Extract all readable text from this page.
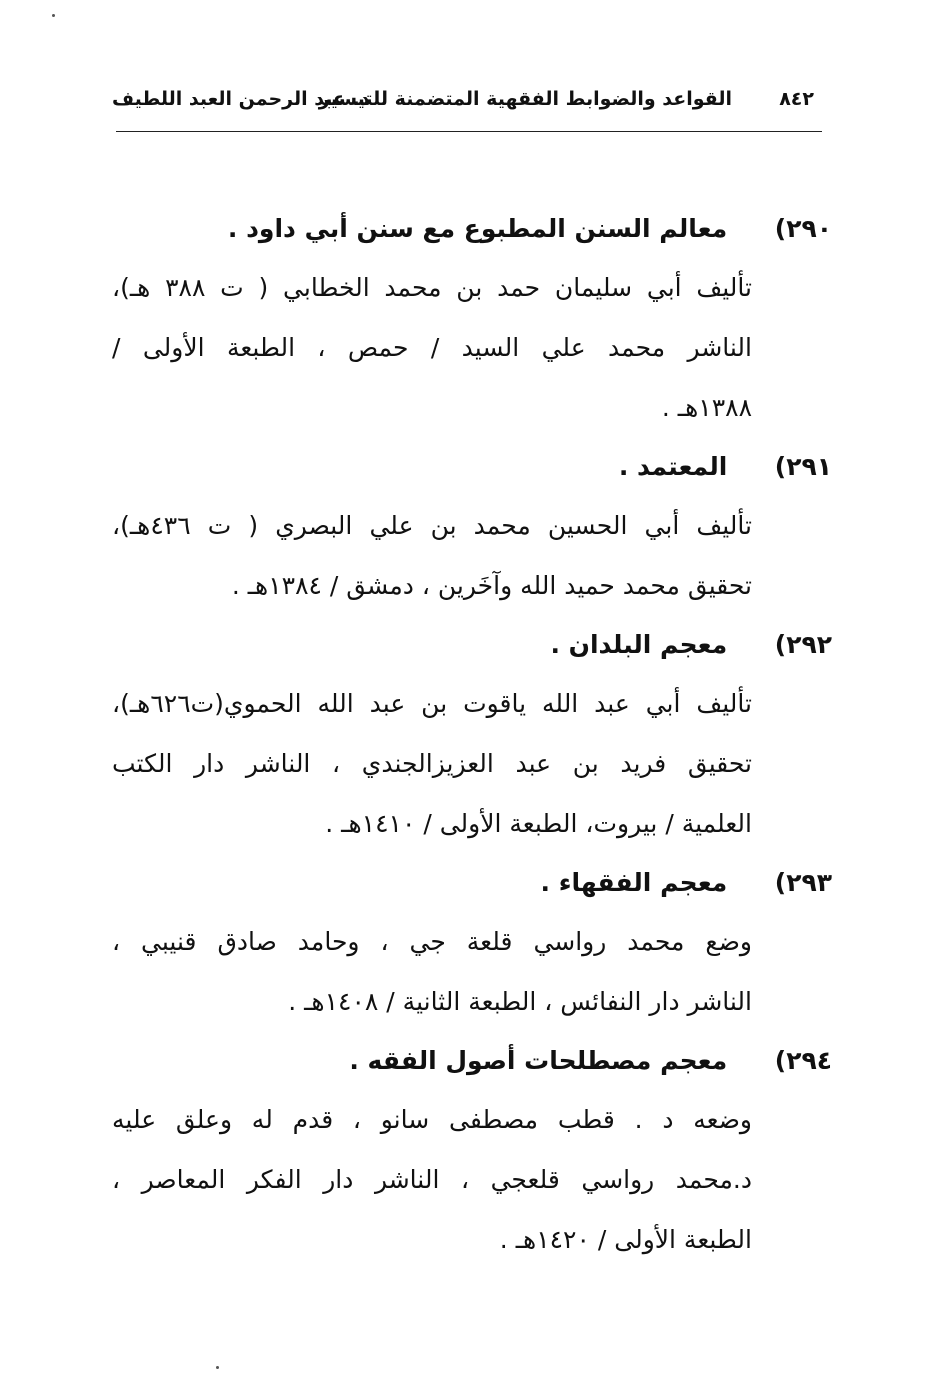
٨٤٢
القواعد والضوابط الفقهية المتضمنة للتيسير
د. عبد الرحمن العبد اللطيف
٢٩٠) معالم السنن المطبوع مع سنن أبي داود .
تأليف أبي سليمان حمد بن محمد الخطابي ( ت ٣٨٨ هـ)،
الناشر محمد علي السيد / حمص ، الطبعة الأولى /
١٣٨٨هـ .
٢٩١) المعتمد .
تأليف أبي الحسين محمد بن علي البصري ( ت ٤٣٦هـ)،
تحقيق محمد حميد الله وآخَرين ، دمشق / ١٣٨٤هـ .
٢٩٢) معجم البلدان .
تأليف أبي عبد الله ياقوت بن عبد الله الحموي(ت٦٢٦هـ)،
تحقيق فريد بن عبد العزيزالجندي ، الناشر دار الكتب
العلمية / بيروت، الطبعة الأولى / ١٤١٠هـ .
٢٩٣) معجم الفقهاء .
وضع محمد رواسي قلعة جي ، وحامد صادق قنيبي ،
الناشر دار النفائس ، الطبعة الثانية / ١٤٠٨هـ .
٢٩٤) معجم مصطلحات أصول الفقه .
وضعه د . قطب مصطفى سانو ، قدم له وعلق عليه
د.محمد رواسي قلعجي ، الناشر دار الفكر المعاصر ،
الطبعة الأولى / ١٤٢٠هـ .
